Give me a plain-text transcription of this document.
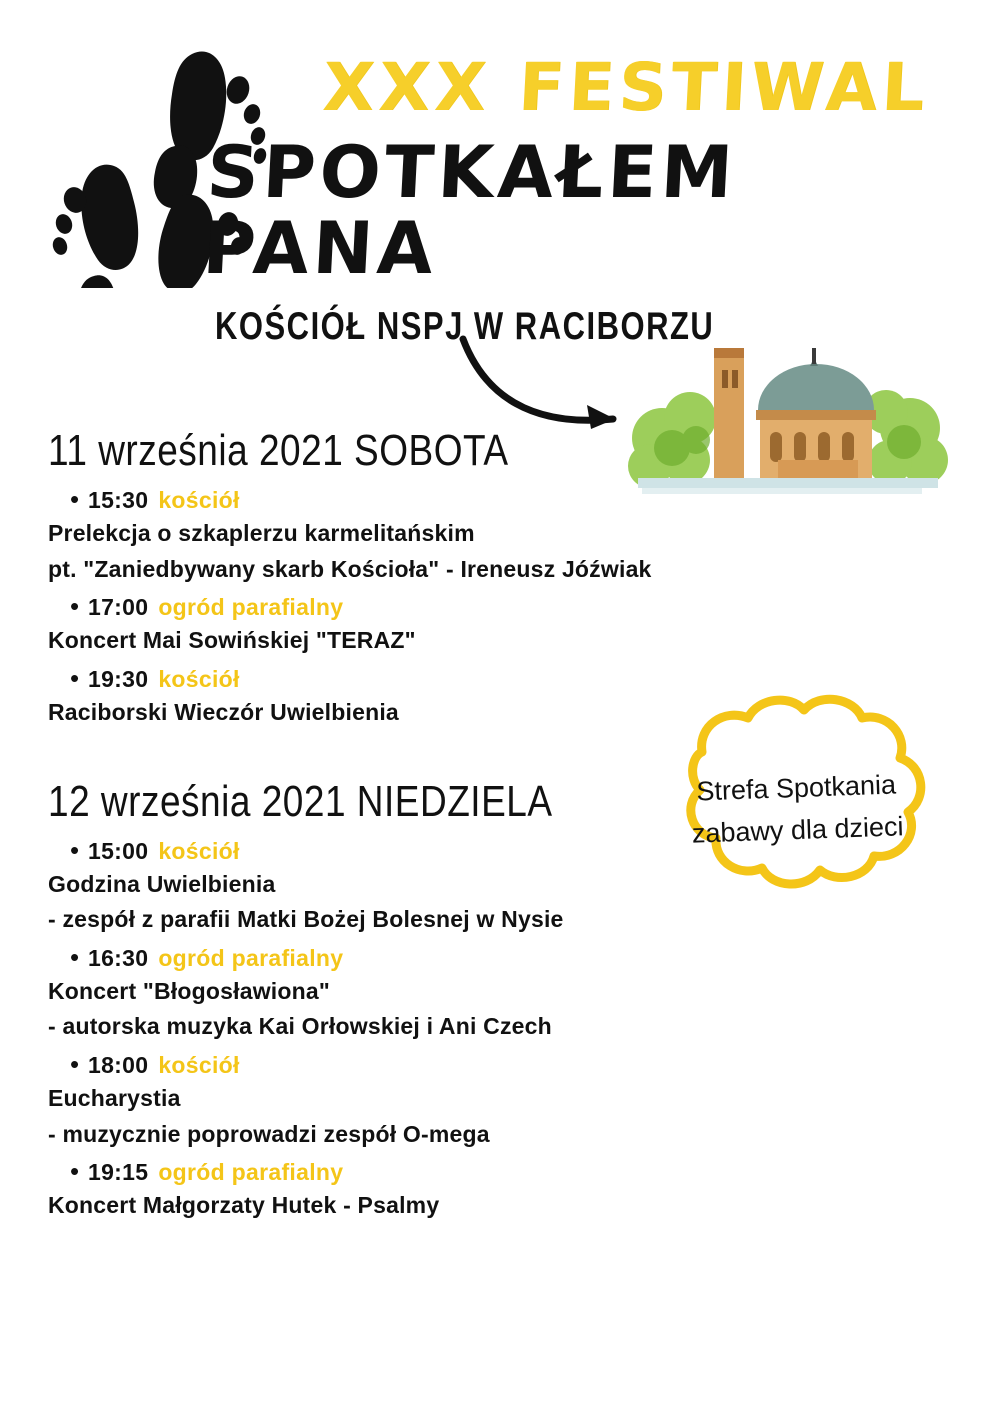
XXX FESTIWAL
SPOTKAŁEM PANA
KOŚCIÓŁ NSPJ W RACIBORZU
11 września 2021 SOBOTA
• 15:30 kościół
Prelekcja o szkaplerzu karmelitańskim
pt. "Zaniedbywany skarb Kościoła" - Ireneusz Jóźwiak
• 17:00 ogród parafialny
Koncert Mai Sowińskiej "TERAZ"
• 19:30 kościół
Raciborski Wieczór Uwielbienia
12 września 2021 NIEDZIELA
• 15:00 kościół
Godzina Uwielbienia
- zespół z parafii Matki Bożej Bolesnej w Nysie
• 16:30 ogród parafialny
Koncert "Błogosławiona"
- autorska muzyka Kai Orłowskiej i Ani Czech
• 18:00 kościół
Eucharystia
- muzycznie poprowadzi zespół O-mega
• 19:15 ogród parafialny
Koncert Małgorzaty Hutek - Psalmy
Strefa Spotkania
zabawy dla dzieci
